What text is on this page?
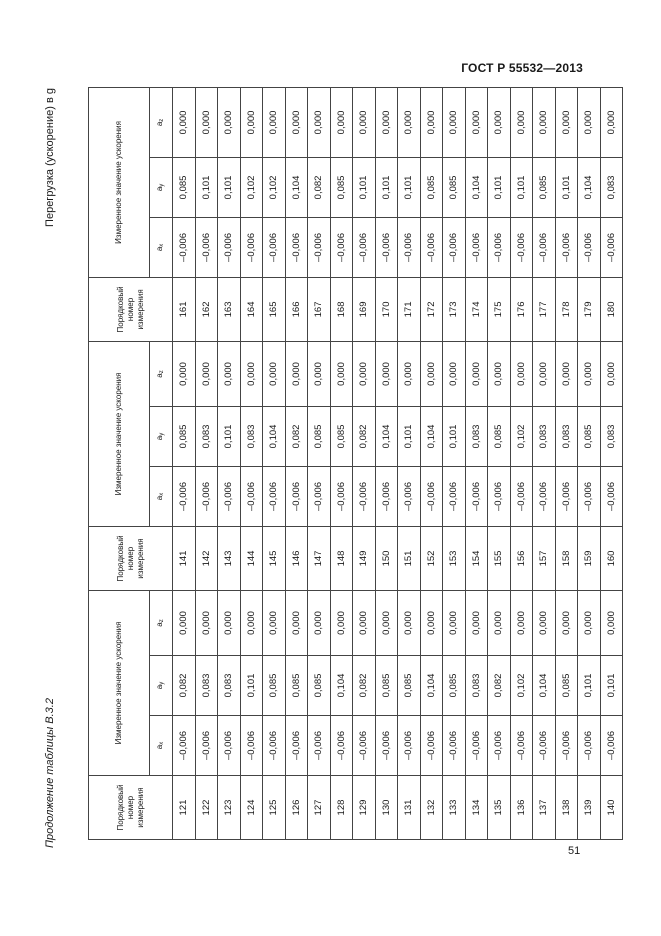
ГОСТ Р 55532—2013
Продолжение таблицы В.3.2
Перегрузка (ускорение) в g
Порядковый номер измерения	Измеренное значение ускорения			Порядковый номер измерения	Измеренное значение ускорения			Порядковый номер измерения	Измеренное значение ускорения		
	ax	ay	az		ax	ay	az		ax	ay	az
121	–0,006	0,082	0,000	141	–0,006	0,085	0,000	161	–0,006	0,085	0,000
122	–0,006	0,083	0,000	142	–0,006	0,083	0,000	162	–0,006	0,101	0,000
123	–0,006	0,083	0,000	143	–0,006	0,101	0,000	163	–0,006	0,101	0,000
124	–0,006	0,101	0,000	144	–0,006	0,083	0,000	164	–0,006	0,102	0,000
125	–0,006	0,085	0,000	145	–0,006	0,104	0,000	165	–0,006	0,102	0,000
126	–0,006	0,085	0,000	146	–0,006	0,082	0,000	166	–0,006	0,104	0,000
127	–0,006	0,085	0,000	147	–0,006	0,085	0,000	167	–0,006	0,082	0,000
128	–0,006	0,104	0,000	148	–0,006	0,085	0,000	168	–0,006	0,085	0,000
129	–0,006	0,082	0,000	149	–0,006	0,082	0,000	169	–0,006	0,101	0,000
130	–0,006	0,085	0,000	150	–0,006	0,104	0,000	170	–0,006	0,101	0,000
131	–0,006	0,085	0,000	151	–0,006	0,101	0,000	171	–0,006	0,101	0,000
132	–0,006	0,104	0,000	152	–0,006	0,104	0,000	172	–0,006	0,085	0,000
133	–0,006	0,085	0,000	153	–0,006	0,101	0,000	173	–0,006	0,085	0,000
134	–0,006	0,083	0,000	154	–0,006	0,083	0,000	174	–0,006	0,104	0,000
135	–0,006	0,082	0,000	155	–0,006	0,085	0,000	175	–0,006	0,101	0,000
136	–0,006	0,102	0,000	156	–0,006	0,102	0,000	176	–0,006	0,101	0,000
137	–0,006	0,104	0,000	157	–0,006	0,083	0,000	177	–0,006	0,085	0,000
138	–0,006	0,085	0,000	158	–0,006	0,083	0,000	178	–0,006	0,101	0,000
139	–0,006	0,101	0,000	159	–0,006	0,085	0,000	179	–0,006	0,104	0,000
140	–0,006	0,101	0,000	160	–0,006	0,083	0,000	180	–0,006	0,083	0,000
51
